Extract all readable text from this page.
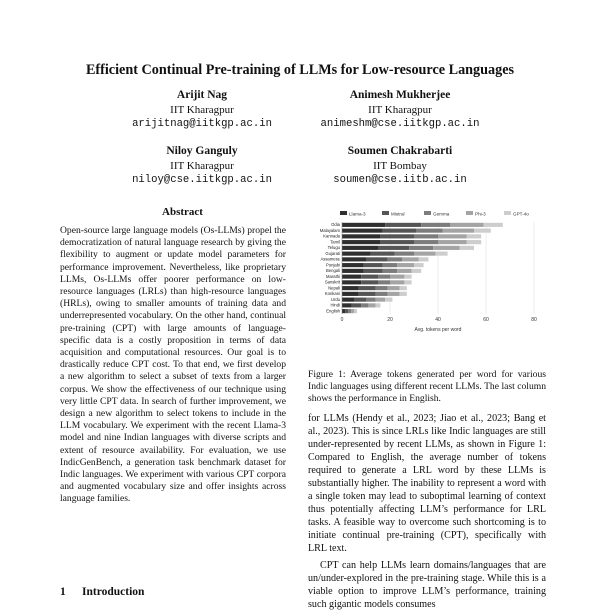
Efficient Continual Pre-training of LLMs for Low-resource Languages
Arijit Nag
IIT Kharagpur
arijitnag@iitkgp.ac.in
Animesh Mukherjee
IIT Kharagpur
animeshm@cse.iitkgp.ac.in
Niloy Ganguly
IIT Kharagpur
niloy@cse.iitkgp.ac.in
Soumen Chakrabarti
IIT Bombay
soumen@cse.iitb.ac.in
Abstract
Open-source large language models (Os-LLMs) propel the democratization of natural language research by giving the flexibility to augment or update model parameters for performance improvement. Nevertheless, like proprietary LLMs, Os-LLMs offer poorer performance on low-resource languages (LRLs) than high-resource languages (HRLs), owing to smaller amounts of training data and underrepresented vocabulary. On the other hand, continual pre-training (CPT) with large amounts of language-specific data is a costly proposition in terms of data acquisition and computational resources. Our goal is to drastically reduce CPT cost. To that end, we first develop a new algorithm to select a subset of texts from a larger corpus. We show the effectiveness of our technique using very little CPT data. In search of further improvement, we design a new algorithm to select tokens to include in the LLM vocabulary. We experiment with the recent Llama-3 model and nine Indian languages with diverse scripts and extent of resource availability. For evaluation, we use IndicGenBench, a generation task benchmark dataset for Indic languages. We experiment with various CPT corpora and augmented vocabulary size and offer insights across language families.
1 Introduction
Llama-3	Mistral	Gemma	Phi-3	GPT-4o
0	20	40	60	80
Avg. tokens per word
Odia
Malayalam
Kannada
Tamil
Telugu
Gujarati
Assamese
Punjabi
Bengali
Marathi
Sanskrit
Nepali
Konkani
Urdu
Hindi
English
Figure 1: Average tokens generated per word for various Indic languages using different recent LLMs. The last column shows the performance in English.

for LLMs (Hendy et al., 2023; Jiao et al., 2023; Bang et al., 2023). This is since LRLs like Indic languages are still under-represented by recent LLMs, as shown in Figure 1: Compared to English, the average number of tokens required to generate a LRL word by these LLMs is substantially higher. The inability to represent a word with a single token may lead to suboptimal learning of context thus potentially affecting LLM’s performance for LRL tasks. A feasible way to overcome such shortcoming is to initiate continual pre-training (CPT), specifically with LRL text.

CPT can help LLMs learn domains/languages that are un/under-explored in the pre-training stage. While this is a viable option to improve LLM’s performance, training such gigantic models consumes
